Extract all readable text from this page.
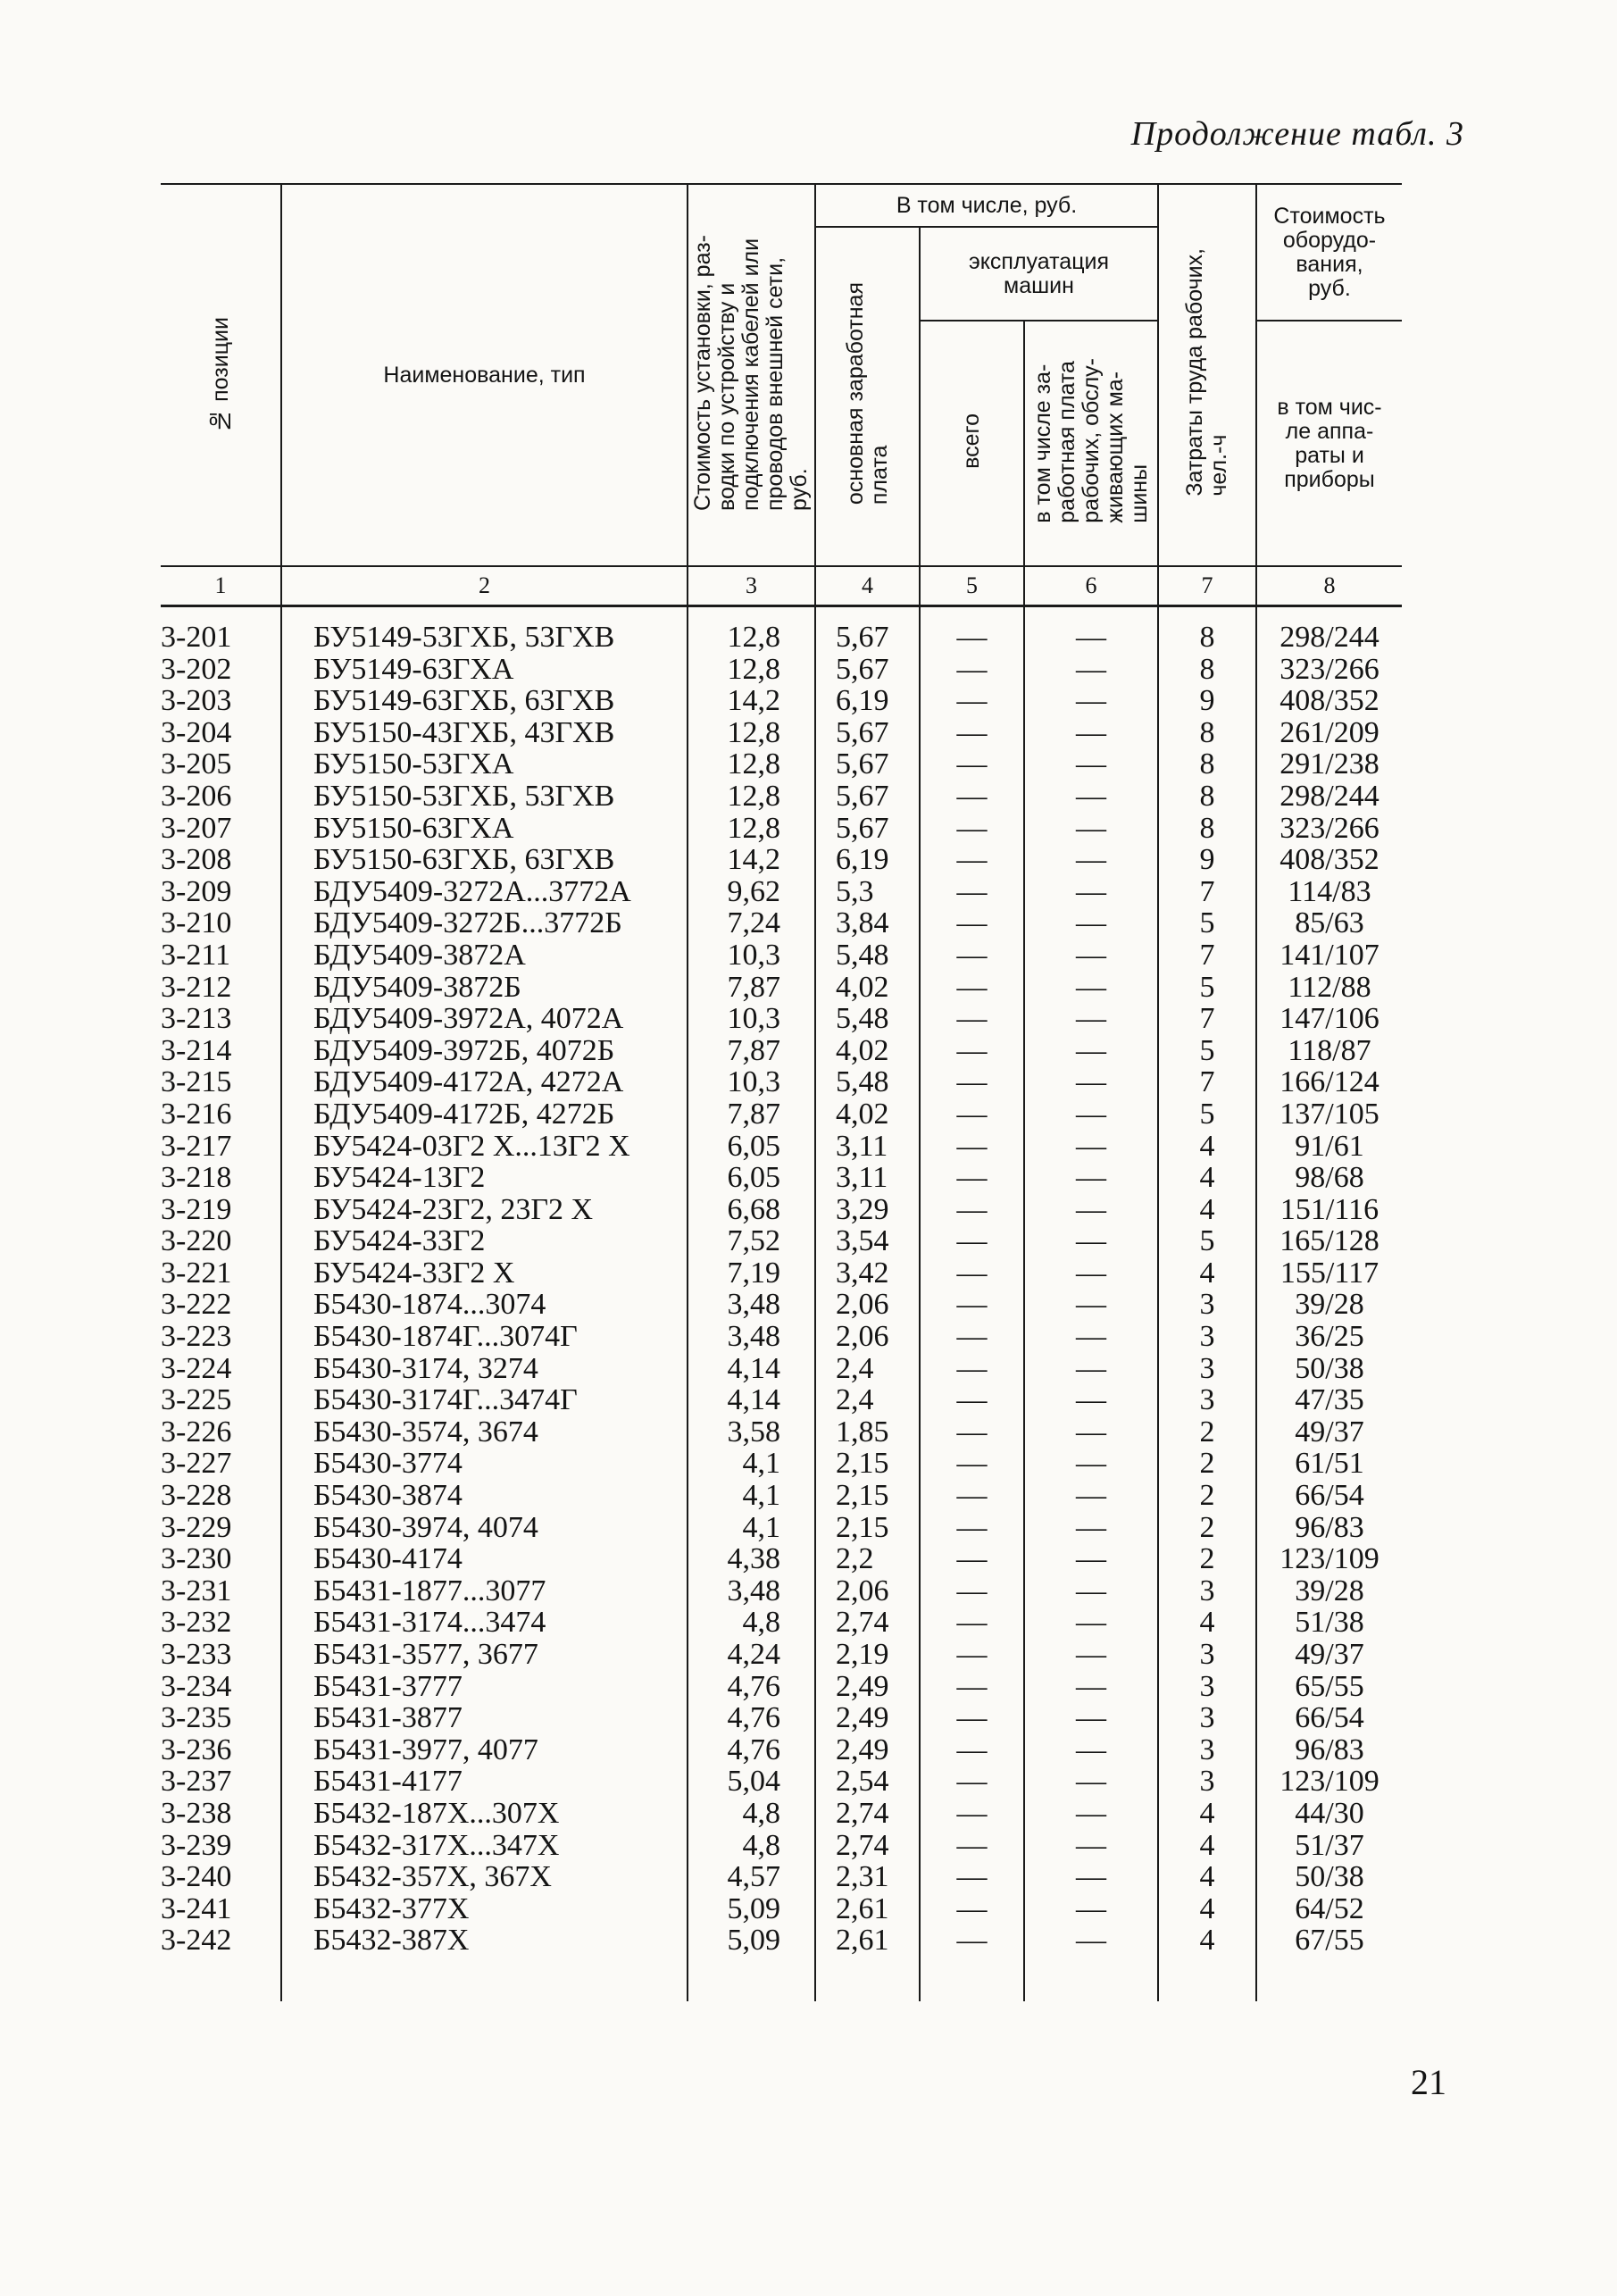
Продолжение табл. 3
№ позиции	Наименование, тип	Стоимость установки, раз-
водки по устройству и
подключения кабелей или
проводов внешней сети,
руб.	В том числе, руб.			Затраты труда рабочих,
чел.-ч	Стоимость
оборудо-
вания,
руб.
			основная заработная
плата	эксплуатация
машин			
				всего	в том числе за-
работная плата
рабочих, обслу-
живающих ма-
шины		в том чис-
ле аппа-
раты и
приборы
1	2	3	4	5	6	7	8
3-201	БУ5149-53ГХБ, 53ГХВ	12,8	5,67	—	—	8	298/244
3-202	БУ5149-63ГХА	12,8	5,67	—	—	8	323/266
3-203	БУ5149-63ГХБ, 63ГХВ	14,2	6,19	—	—	9	408/352
3-204	БУ5150-43ГХБ, 43ГХВ	12,8	5,67	—	—	8	261/209
3-205	БУ5150-53ГХА	12,8	5,67	—	—	8	291/238
3-206	БУ5150-53ГХБ, 53ГХВ	12,8	5,67	—	—	8	298/244
3-207	БУ5150-63ГХА	12,8	5,67	—	—	8	323/266
3-208	БУ5150-63ГХБ, 63ГХВ	14,2	6,19	—	—	9	408/352
3-209	БДУ5409-3272А...3772А	9,62	5,3	—	—	7	114/83
3-210	БДУ5409-3272Б...3772Б	7,24	3,84	—	—	5	85/63
3-211	БДУ5409-3872А	10,3	5,48	—	—	7	141/107
3-212	БДУ5409-3872Б	7,87	4,02	—	—	5	112/88
3-213	БДУ5409-3972А, 4072А	10,3	5,48	—	—	7	147/106
3-214	БДУ5409-3972Б, 4072Б	7,87	4,02	—	—	5	118/87
3-215	БДУ5409-4172А, 4272А	10,3	5,48	—	—	7	166/124
3-216	БДУ5409-4172Б, 4272Б	7,87	4,02	—	—	5	137/105
3-217	БУ5424-03Г2 Х...13Г2 Х	6,05	3,11	—	—	4	91/61
3-218	БУ5424-13Г2	6,05	3,11	—	—	4	98/68
3-219	БУ5424-23Г2, 23Г2 Х	6,68	3,29	—	—	4	151/116
3-220	БУ5424-33Г2	7,52	3,54	—	—	5	165/128
3-221	БУ5424-33Г2 Х	7,19	3,42	—	—	4	155/117
3-222	Б5430-1874...3074	3,48	2,06	—	—	3	39/28
3-223	Б5430-1874Г...3074Г	3,48	2,06	—	—	3	36/25
3-224	Б5430-3174, 3274	4,14	2,4	—	—	3	50/38
3-225	Б5430-3174Г...3474Г	4,14	2,4	—	—	3	47/35
3-226	Б5430-3574, 3674	3,58	1,85	—	—	2	49/37
3-227	Б5430-3774	4,1	2,15	—	—	2	61/51
3-228	Б5430-3874	4,1	2,15	—	—	2	66/54
3-229	Б5430-3974, 4074	4,1	2,15	—	—	2	96/83
3-230	Б5430-4174	4,38	2,2	—	—	2	123/109
3-231	Б5431-1877...3077	3,48	2,06	—	—	3	39/28
3-232	Б5431-3174...3474	4,8	2,74	—	—	4	51/38
3-233	Б5431-3577, 3677	4,24	2,19	—	—	3	49/37
3-234	Б5431-3777	4,76	2,49	—	—	3	65/55
3-235	Б5431-3877	4,76	2,49	—	—	3	66/54
3-236	Б5431-3977, 4077	4,76	2,49	—	—	3	96/83
3-237	Б5431-4177	5,04	2,54	—	—	3	123/109
3-238	Б5432-187Х...307Х	4,8	2,74	—	—	4	44/30
3-239	Б5432-317Х...347Х	4,8	2,74	—	—	4	51/37
3-240	Б5432-357Х, 367Х	4,57	2,31	—	—	4	50/38
3-241	Б5432-377Х	5,09	2,61	—	—	4	64/52
3-242	Б5432-387Х	5,09	2,61	—	—	4	67/55
21
